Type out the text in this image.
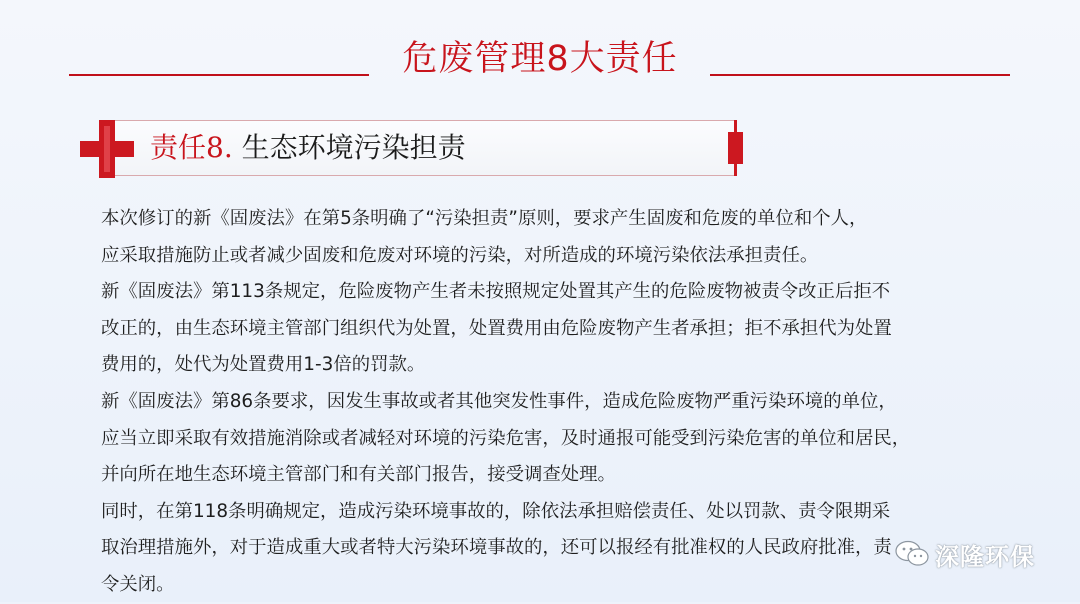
危废管理8大责任
责任8. 生态环境污染担责

本次修订的新《固废法》在第5条明确了“污染担责”原则，要求产生固废和危废的单位和个人，

应采取措施防止或者减少固废和危废对环境的污染，对所造成的环境污染依法承担责任。

新《固废法》第113条规定，危险废物产生者未按照规定处置其产生的危险废物被责令改正后拒不

改正的，由生态环境主管部门组织代为处置，处置费用由危险废物产生者承担；拒不承担代为处置

费用的，处代为处置费用1-3倍的罚款。

新《固废法》第86条要求，因发生事故或者其他突发性事件，造成危险废物严重污染环境的单位，

应当立即采取有效措施消除或者减轻对环境的污染危害，及时通报可能受到污染危害的单位和居民，

并向所在地生态环境主管部门和有关部门报告，接受调查处理。

同时，在第118条明确规定，造成污染环境事故的，除依法承担赔偿责任、处以罚款、责令限期采

取治理措施外，对于造成重大或者特大污染环境事故的，还可以报经有批准权的人民政府批准，责

令关闭。

深隆环保
